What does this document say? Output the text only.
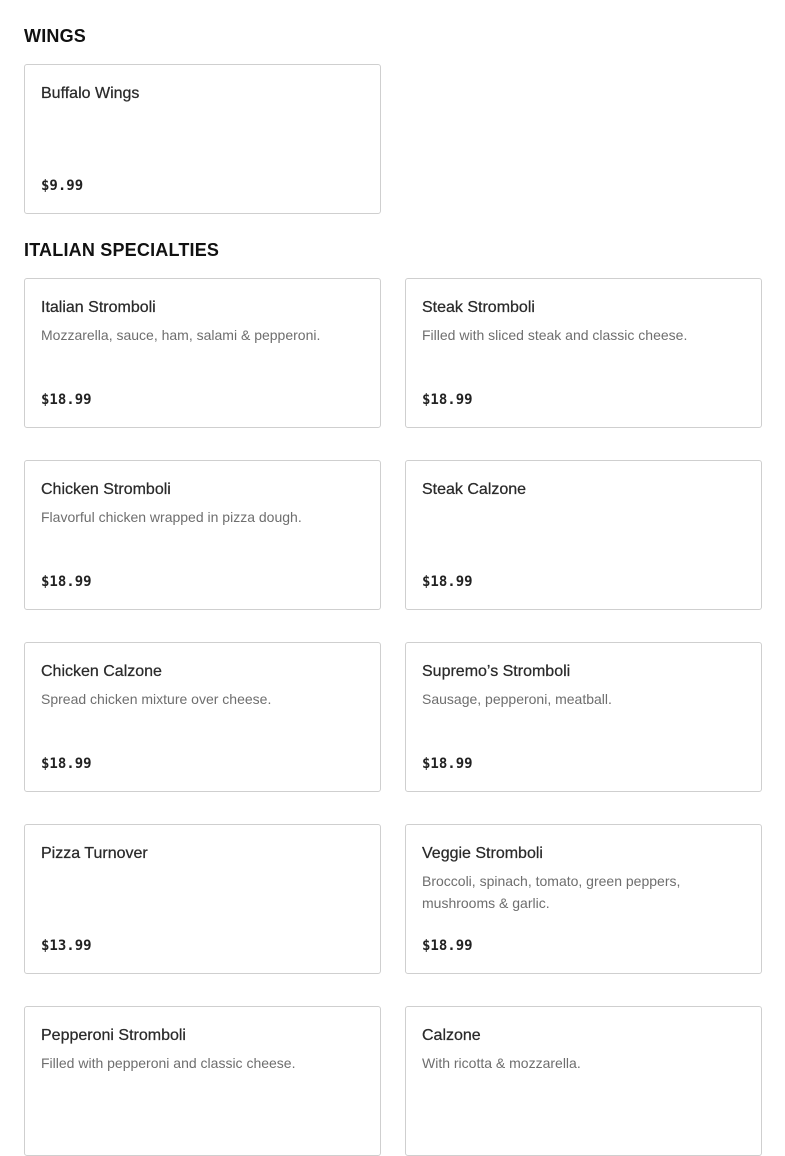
WINGS
Buffalo Wings
$9.99
ITALIAN SPECIALTIES
Italian Stromboli
Mozzarella, sauce, ham, salami & pepperoni.
$18.99
Steak Stromboli
Filled with sliced steak and classic cheese.
$18.99
Chicken Stromboli
Flavorful chicken wrapped in pizza dough.
$18.99
Steak Calzone
$18.99
Chicken Calzone
Spread chicken mixture over cheese.
$18.99
Supremo’s Stromboli
Sausage, pepperoni, meatball.
$18.99
Pizza Turnover
$13.99
Veggie Stromboli
Broccoli, spinach, tomato, green peppers, mushrooms & garlic.
$18.99
Pepperoni Stromboli
Filled with pepperoni and classic cheese.
Calzone
With ricotta & mozzarella.
